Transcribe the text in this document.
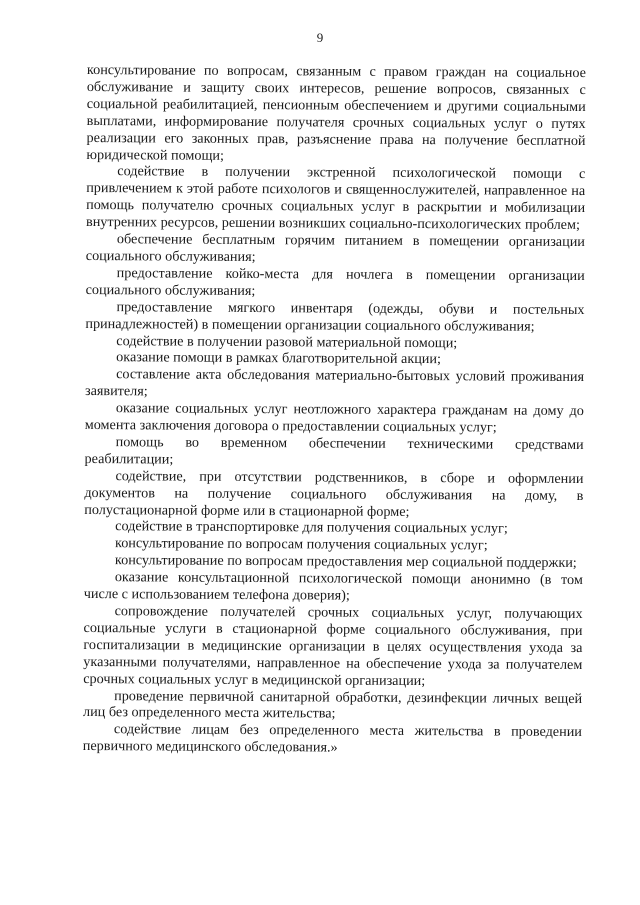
9

консультирование по вопросам, связанным с правом граждан на социальное обслуживание и защиту своих интересов, решение вопросов, связанных с социальной реабилитацией, пенсионным обеспечением и другими социальными выплатами, информирование получателя срочных социальных услуг о путях реализации его законных прав, разъяснение права на получение бесплатной юридической помощи;

содействие в получении экстренной психологической помощи с привлечением к этой работе психологов и священнослужителей, направленное на помощь получателю срочных социальных услуг в раскрытии и мобилизации внутренних ресурсов, решении возникших социально-психологических проблем;

обеспечение бесплатным горячим питанием в помещении организации социального обслуживания;

предоставление койко-места для ночлега в помещении организации социального обслуживания;

предоставление мягкого инвентаря (одежды, обуви и постельных принадлежностей) в помещении организации социального обслуживания;

содействие в получении разовой материальной помощи;

оказание помощи в рамках благотворительной акции;

составление акта обследования материально-бытовых условий проживания заявителя;

оказание социальных услуг неотложного характера гражданам на дому до момента заключения договора о предоставлении социальных услуг;

помощь во временном обеспечении техническими средствами реабилитации;

содействие, при отсутствии родственников, в сборе и оформлении документов на получение социального обслуживания на дому, в полустационарной форме или в стационарной форме;

содействие в транспортировке для получения социальных услуг;

консультирование по вопросам получения социальных услуг;

консультирование по вопросам предоставления мер социальной поддержки;

оказание консультационной психологической помощи анонимно (в том числе с использованием телефона доверия);

сопровождение получателей срочных социальных услуг, получающих социальные услуги в стационарной форме социального обслуживания, при госпитализации в медицинские организации в целях осуществления ухода за указанными получателями, направленное на обеспечение ухода за получателем срочных социальных услуг в медицинской организации;

проведение первичной санитарной обработки, дезинфекции личных вещей лиц без определенного места жительства;

содействие лицам без определенного места жительства в проведении первичного медицинского обследования.»
